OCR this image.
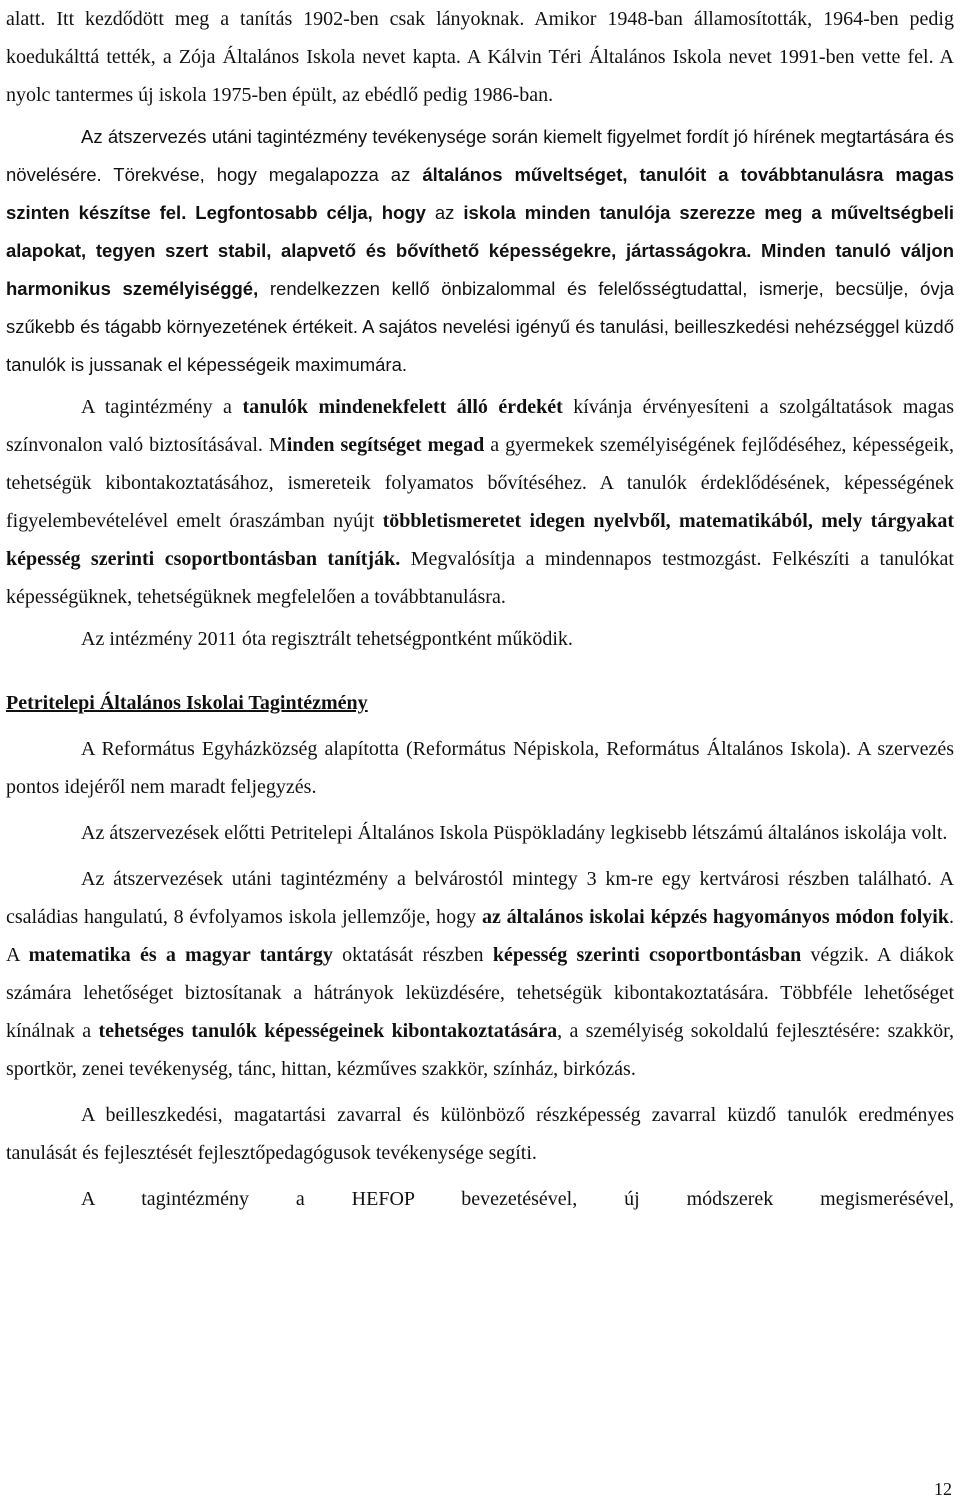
alatt. Itt kezdődött meg a tanítás 1902-ben csak lányoknak. Amikor 1948-ban államosították, 1964-ben pedig koedukálttá tették, a Zója Általános Iskola nevet kapta. A Kálvin Téri Általános Iskola nevet 1991-ben vette fel. A nyolc tantermes új iskola 1975-ben épült, az ebédlő pedig 1986-ban.

Az átszervezés utáni tagintézmény tevékenysége során kiemelt figyelmet fordít jó hírének megtartására és növelésére. Törekvése, hogy megalapozza az általános műveltséget, tanulóit a továbbtanulásra magas szinten készítse fel. Legfontosabb célja, hogy az iskola minden tanulója szerezze meg a műveltségbeli alapokat, tegyen szert stabil, alapvető és bővíthető képességekre, jártasságokra. Minden tanuló váljon harmonikus személyiséggé, rendelkezzen kellő önbizalommal és felelősségtudattal, ismerje, becsülje, óvja szűkebb és tágabb környezetének értékeit. A sajátos nevelési igényű és tanulási, beilleszkedési nehézséggel küzdő tanulók is jussanak el képességeik maximumára.

A tagintézmény a tanulók mindenekfelett álló érdekét kívánja érvényesíteni a szolgáltatások magas színvonalon való biztosításával. Minden segítséget megad a gyermekek személyiségének fejlődéséhez, képességeik, tehetségük kibontakoztatásához, ismereteik folyamatos bővítéséhez. A tanulók érdeklődésének, képességének figyelembevételével emelt óraszámban nyújt többletismeretet idegen nyelvből, matematikából, mely tárgyakat képesség szerinti csoportbontásban tanítják. Megvalósítja a mindennapos testmozgást. Felkészíti a tanulókat képességüknek, tehetségüknek megfelelően a továbbtanulásra.

Az intézmény 2011 óta regisztrált tehetségpontként működik.

Petritelepi Általános Iskolai Tagintézmény

A Református Egyházközség alapította (Református Népiskola, Református Általános Iskola). A szervezés pontos idejéről nem maradt feljegyzés.

Az átszervezések előtti Petritelepi Általános Iskola Püspökladány legkisebb létszámú általános iskolája volt.

Az átszervezések utáni tagintézmény a belvárostól mintegy 3 km-re egy kertvárosi részben található. A családias hangulatú, 8 évfolyamos iskola jellemzője, hogy az általános iskolai képzés hagyományos módon folyik. A matematika és a magyar tantárgy oktatását részben képesség szerinti csoportbontásban végzik. A diákok számára lehetőséget biztosítanak a hátrányok leküzdésére, tehetségük kibontakoztatására. Többféle lehetőséget kínálnak a tehetséges tanulók képességeinek kibontakoztatására, a személyiség sokoldalú fejlesztésére: szakkör, sportkör, zenei tevékenység, tánc, hittan, kézműves szakkör, színház, birkózás.

A beilleszkedési, magatartási zavarral és különböző részképesség zavarral küzdő tanulók eredményes tanulását és fejlesztését fejlesztőpedagógusok tevékenysége segíti.

A tagintézmény a HEFOP bevezetésével, új módszerek megismerésével,

12
